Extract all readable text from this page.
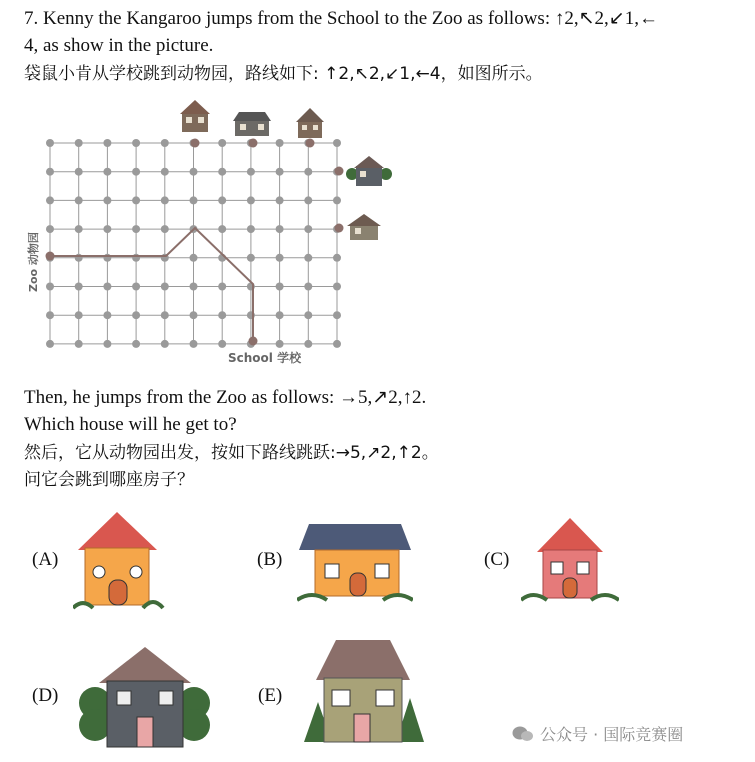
7. Kenny the Kangaroo jumps from the School to the Zoo as follows: ↑2,↖2,↙1,←
4, as show in the picture.
袋鼠小肯从学校跳到动物园，路线如下: ↑2,↖2,↙1,←4，如图所示。
Zoo 动物园
School 学校
Then, he jumps from the Zoo as follows: →5,↗2,↑2.
Which house will he get to?
然后，它从动物园出发，按如下路线跳跃:→5,↗2,↑2。
问它会跳到哪座房子？
(A)	(B)	(C)
(D)	(E)
公众号 · 国际竞赛圈
